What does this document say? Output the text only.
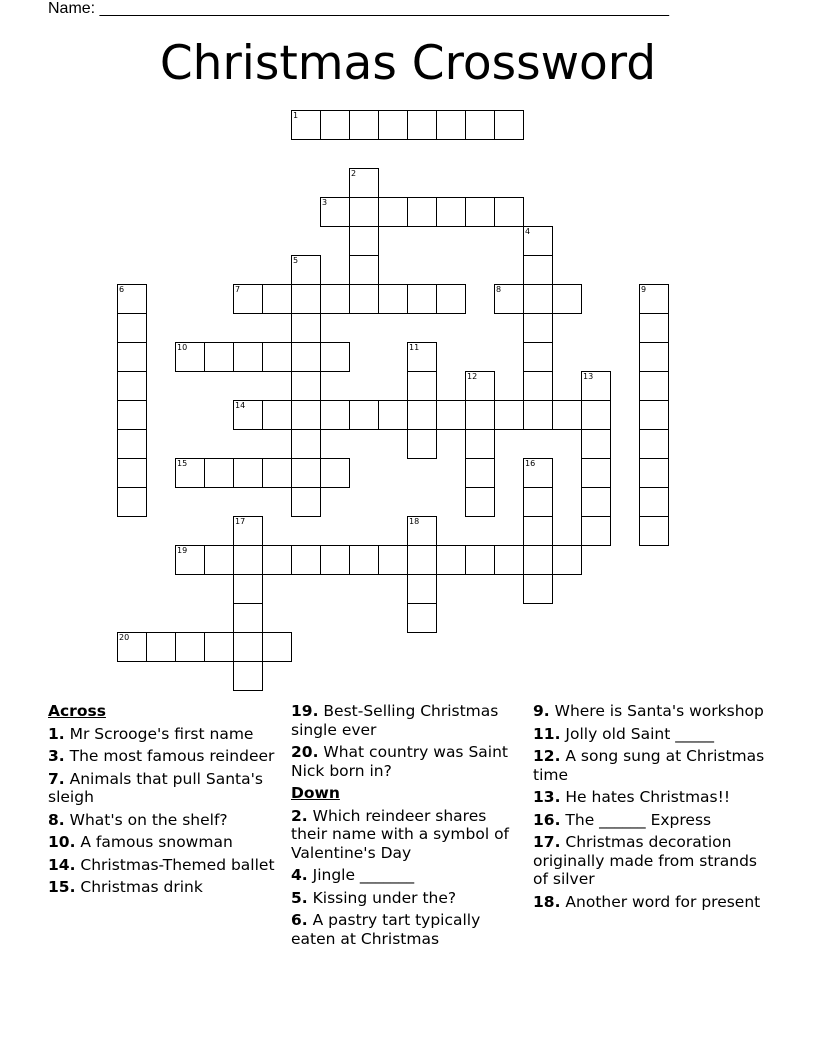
Name: ________________________________________________________________
Christmas Crossword
1
3
7	8
10
14
15
19
20
2
4
5
6	9
11
12	13
16
17	18
Across
1. Mr Scrooge's first name
3. The most famous reindeer
7. Animals that pull Santa's sleigh
8. What's on the shelf?
10. A famous snowman
14. Christmas-Themed ballet
15. Christmas drink
19. Best-Selling Christmas single ever
20. What country was Saint Nick born in?
Down
2. Which reindeer shares their name with a symbol of Valentine's Day
4. Jingle _______
5. Kissing under the?
6. A pastry tart typically eaten at Christmas
9. Where is Santa's workshop
11. Jolly old Saint _____
12. A song sung at Christmas time
13. He hates Christmas!!
16. The ______ Express
17. Christmas decoration originally made from strands of silver
18. Another word for present
